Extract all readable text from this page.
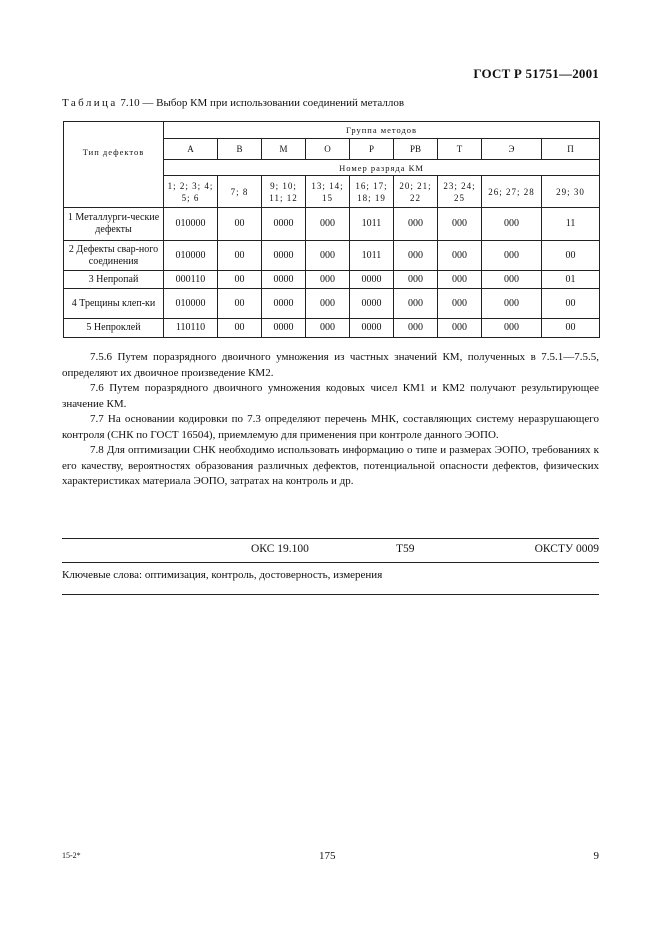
ГОСТ Р 51751—2001
Таблица 7.10 — Выбор КМ при использовании соединений металлов
Тип дефектов	Группа методов								
	А	В	М	О	Р	РВ	Т	Э	П
	Номер разряда КМ								
	1; 2; 3; 4; 5; 6	7; 8	9; 10; 11; 12	13; 14; 15	16; 17; 18; 19	20; 21; 22	23; 24; 25	26; 27; 28	29; 30
1 Металлурги-ческие дефекты	010000	00	0000	000	1011	000	000	000	11
2 Дефекты свар-ного соединения	010000	00	0000	000	1011	000	000	000	00
3 Непропай	000110	00	0000	000	0000	000	000	000	01
4 Трещины клеп-ки	010000	00	0000	000	0000	000	000	000	00
5 Непроклей	110110	00	0000	000	0000	000	000	000	00

7.5.6 Путем поразрядного двоичного умножения из частных значений КМ, полученных в 7.5.1—7.5.5, определяют их двоичное произведение КМ2.

7.6 Путем поразрядного двоичного умножения кодовых чисел КМ1 и КМ2 получают результирующее значение КМ.

7.7 На основании кодировки по 7.3 определяют перечень МНК, составляющих систему неразрушающего контроля (СНК по ГОСТ 16504), приемлемую для применения при контроле данного ЭОПО.

7.8 Для оптимизации СНК необходимо использовать информацию о типе и размерах ЭОПО, требованиях к его качеству, вероятностях образования различных дефектов, потенциальной опасности дефектов, физических характеристиках материала ЭОПО, затратах на контроль и др.

ОКС 19.100	Т59	ОКСТУ 0009
Ключевые слова: оптимизация, контроль, достоверность, измерения
15-2*	175	9
